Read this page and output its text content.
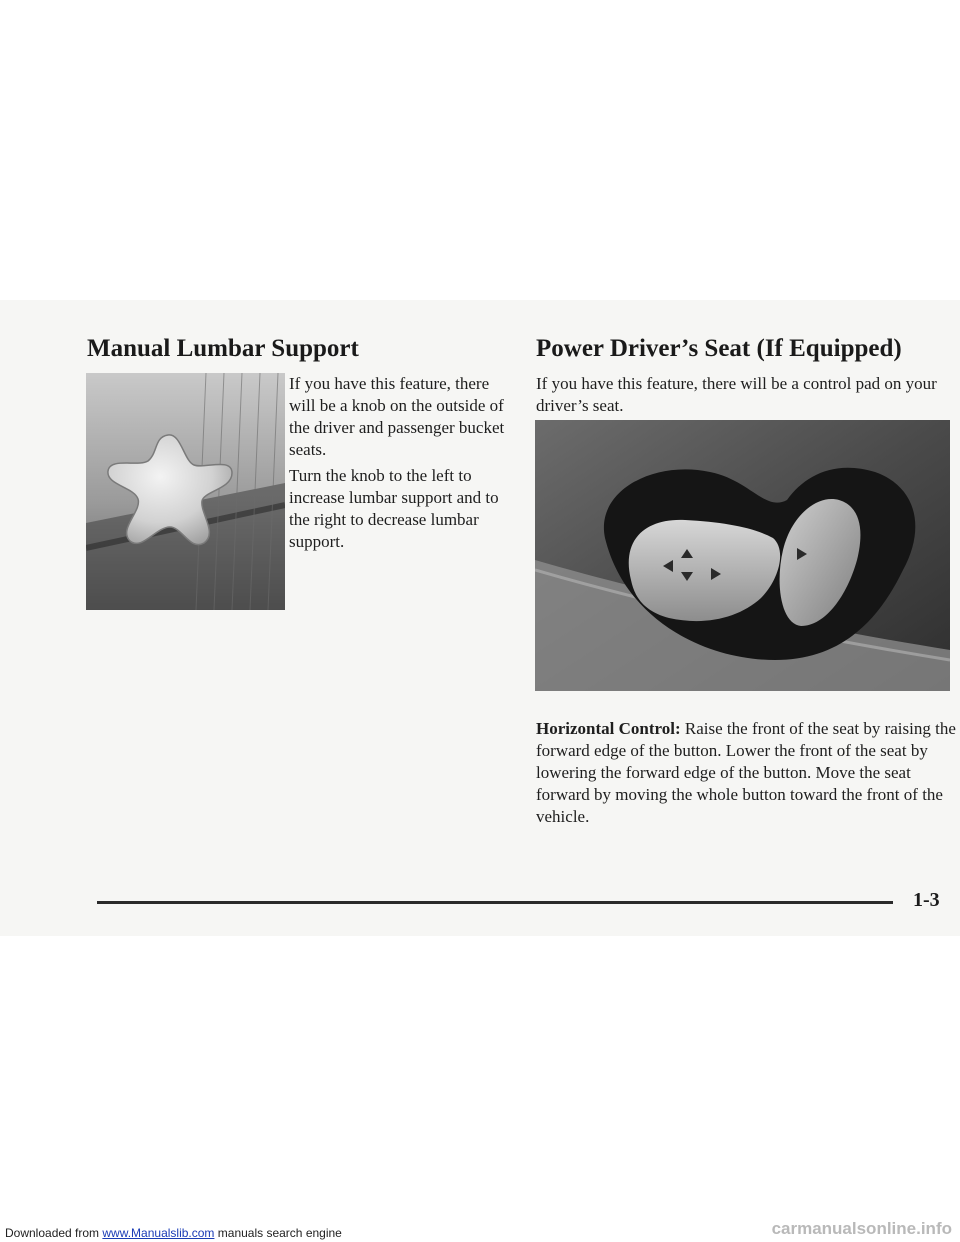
Manual Lumbar Support

If you have this feature, there will be a knob on the outside of the driver and passenger bucket seats.

Turn the knob to the left to increase lumbar support and to the right to decrease lumbar support.

Power Driver’s Seat (If Equipped)

If you have this feature, there will be a control pad on your driver’s seat.

Horizontal Control: Raise the front of the seat by raising the forward edge of the button. Lower the front of the seat by lowering the forward edge of the button. Move the seat forward by moving the whole button toward the front of the vehicle.

1-3
Downloaded from www.Manualslib.com manuals search engine	carmanualsonline.info
